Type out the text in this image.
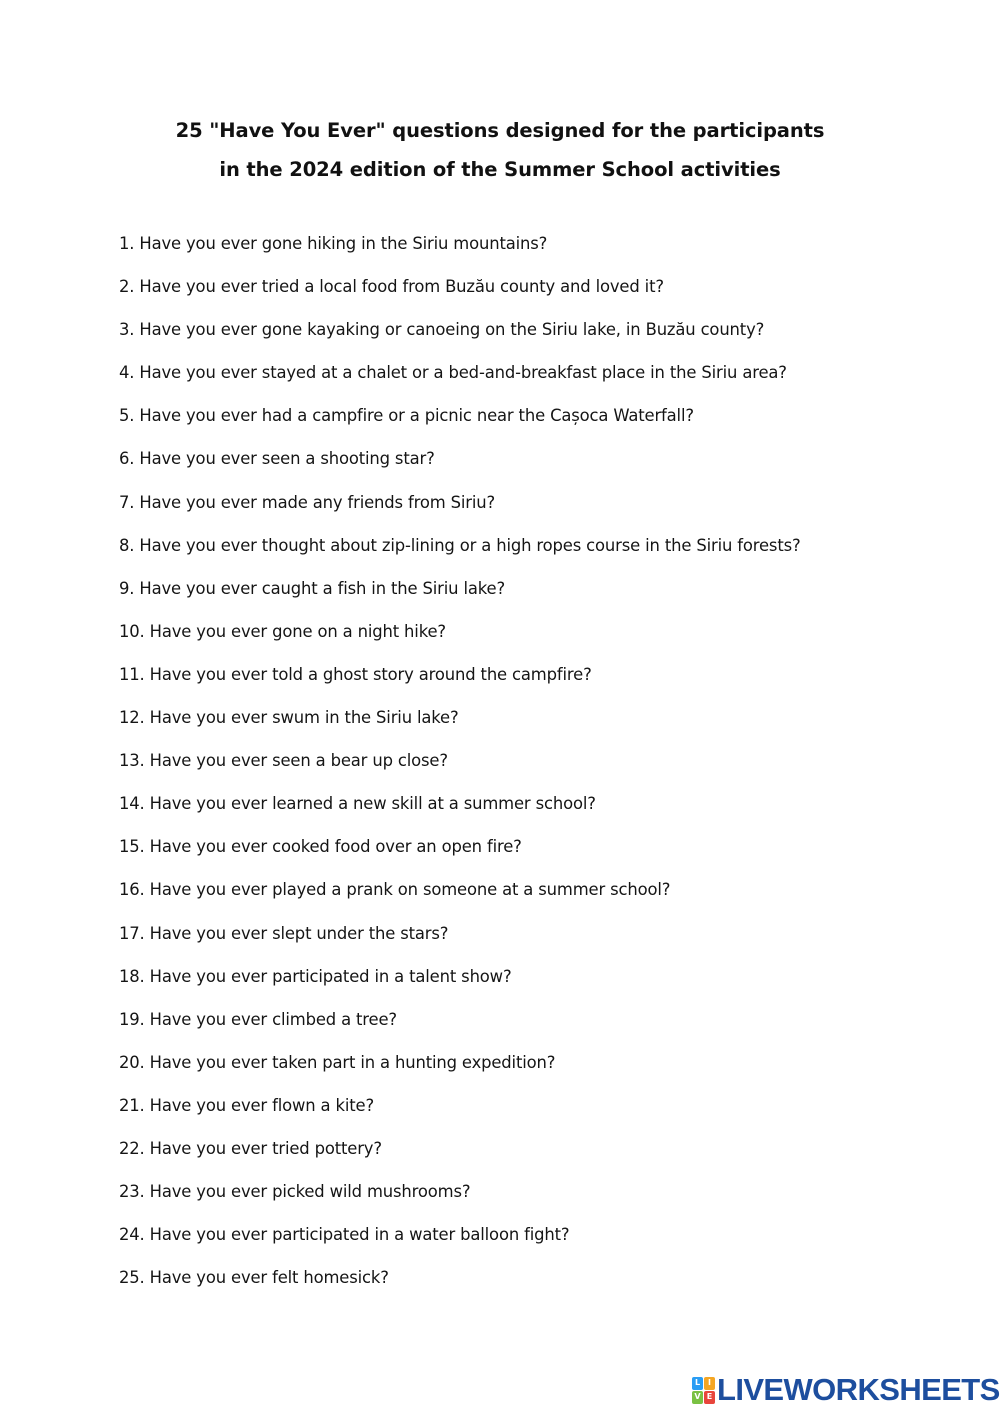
25 "Have You Ever" questions designed for the participants
in the 2024 edition of the Summer School activities
1. Have you ever gone hiking in the Siriu mountains?
2. Have you ever tried a local food from Buzău county and loved it?
3. Have you ever gone kayaking or canoeing on the Siriu lake, in Buzău county?
4. Have you ever stayed at a chalet or a bed-and-breakfast place in the Siriu area?
5. Have you ever had a campfire or a picnic near the Cașoca Waterfall?
6. Have you ever seen a shooting star?
7. Have you ever made any friends from Siriu?
8. Have you ever thought about zip-lining or a high ropes course in the Siriu forests?
9. Have you ever caught a fish in the Siriu lake?
10. Have you ever gone on a night hike?
11. Have you ever told a ghost story around the campfire?
12. Have you ever swum in the Siriu lake?
13. Have you ever seen a bear up close?
14. Have you ever learned a new skill at a summer school?
15. Have you ever cooked food over an open fire?
16. Have you ever played a prank on someone at a summer school?
17. Have you ever slept under the stars?
18. Have you ever participated in a talent show?
19. Have you ever climbed a tree?
20. Have you ever taken part in a hunting expedition?
21. Have you ever flown a kite?
22. Have you ever tried pottery?
23. Have you ever picked wild mushrooms?
24. Have you ever participated in a water balloon fight?
25. Have you ever felt homesick?
L I
V E LIVEWORKSHEETS
